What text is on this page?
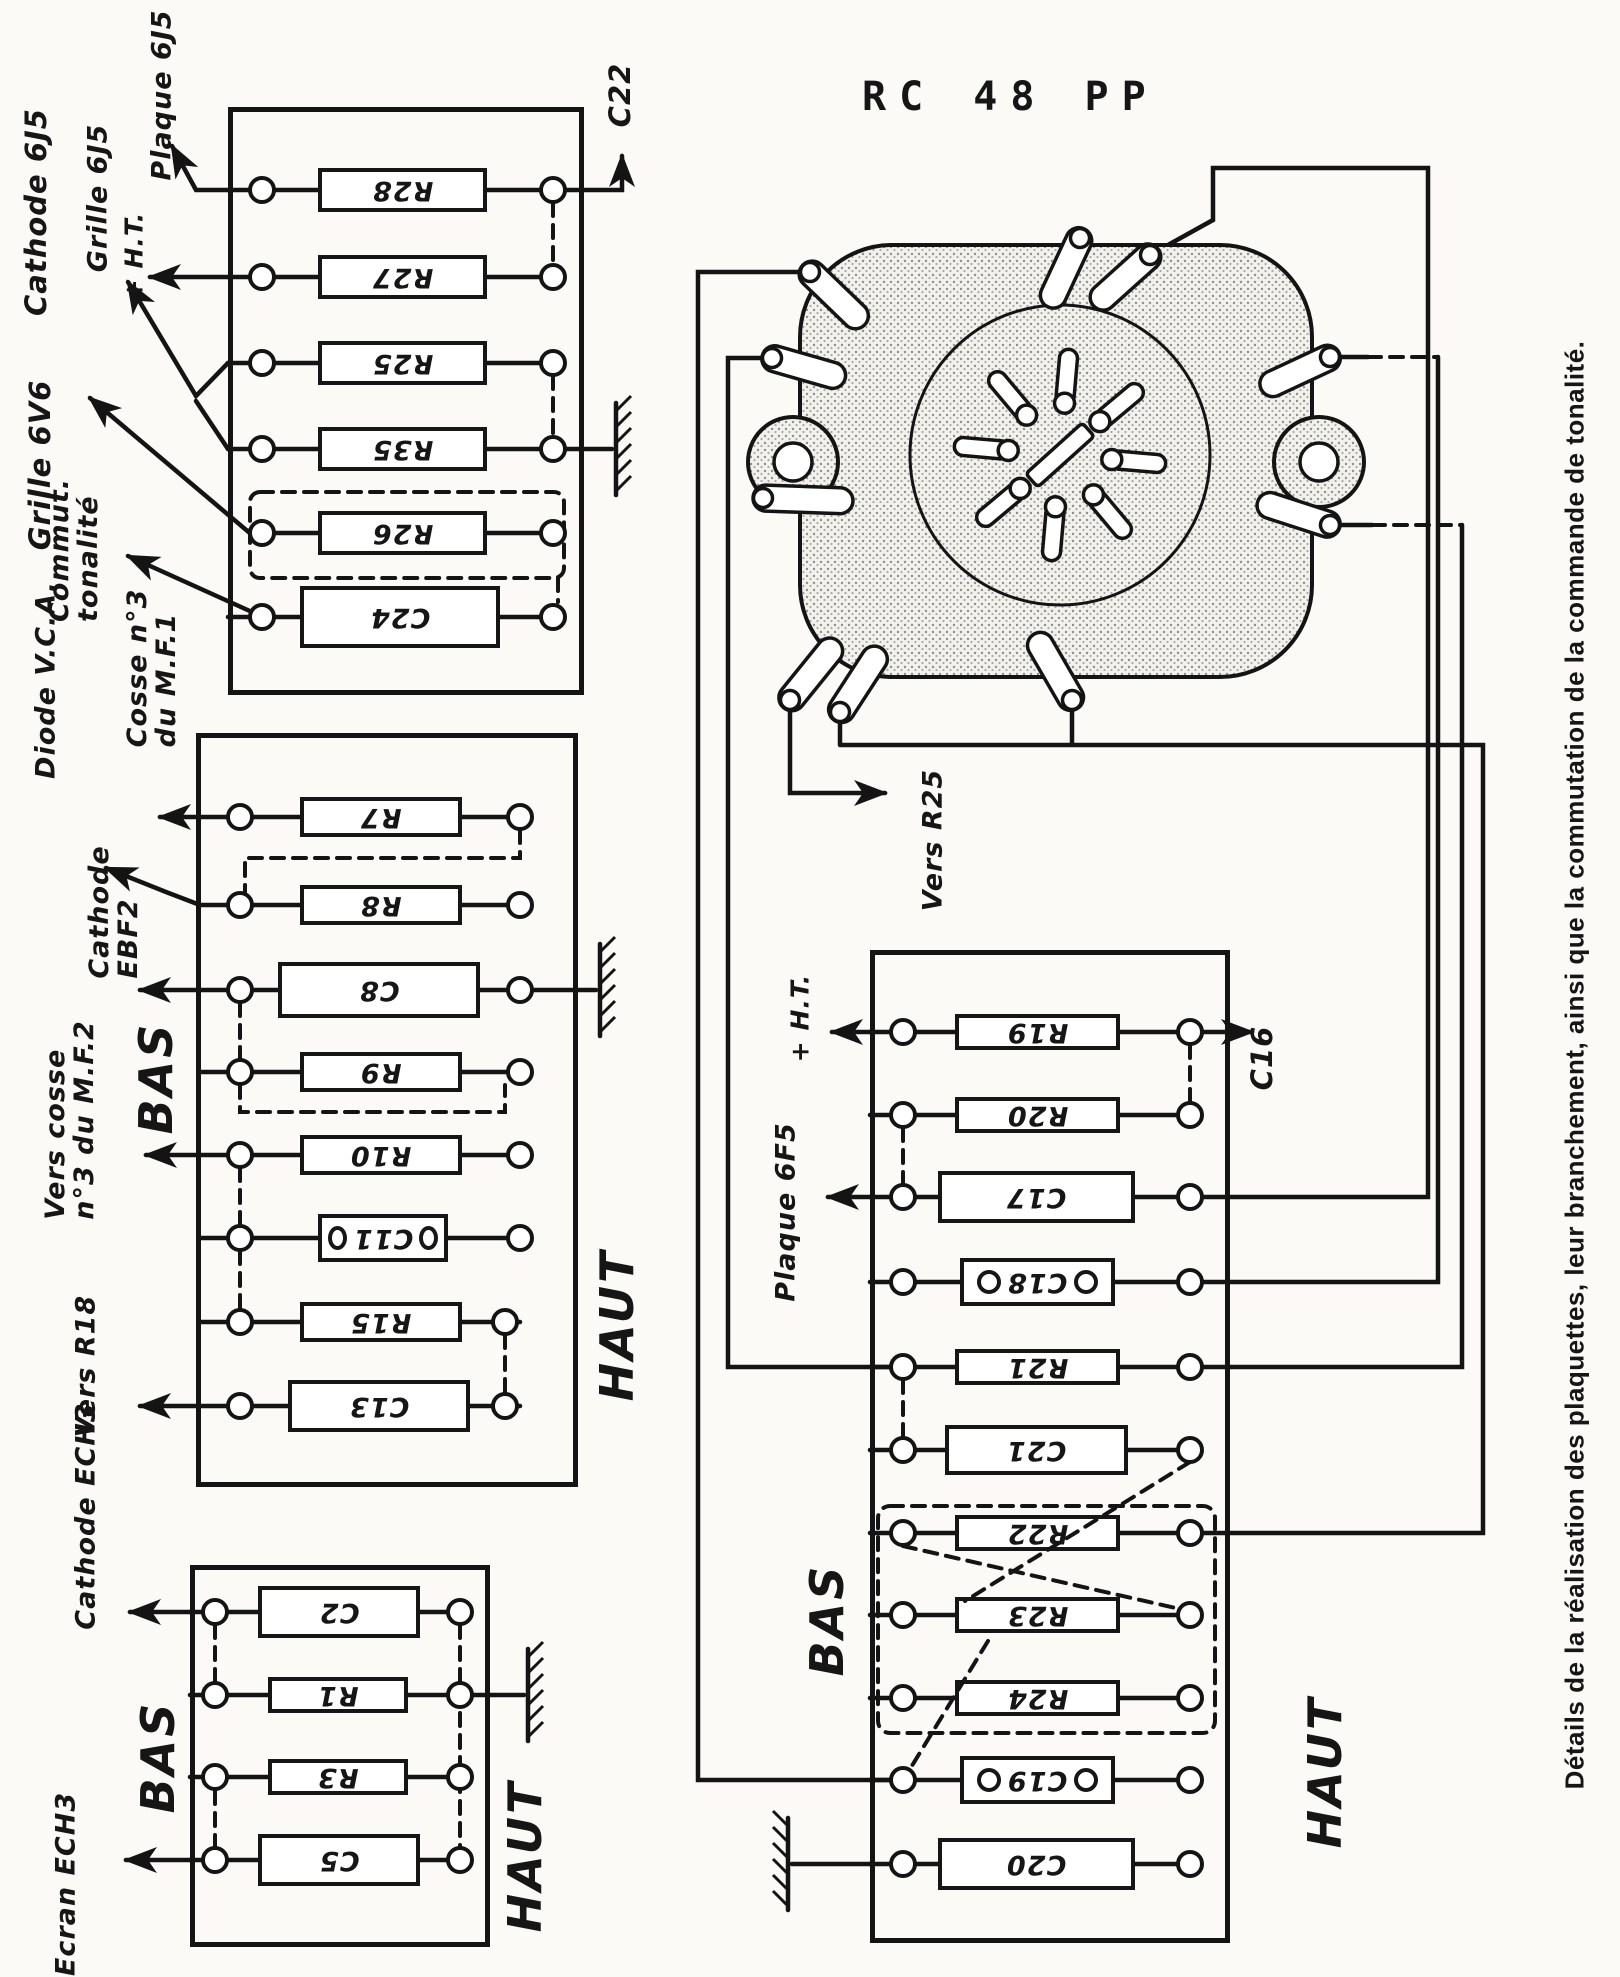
R28
R27
R25
R35
R26
C24
R7
R8
C8
R9
R10
C11
R15
C13
C2
R1
R3
C5
R19
R20
C17
C18
R21
C21
R22
R23
R24
C19
C20
RC 48 PP
Plaque 6J5
Cathode 6J5 Grille 6J5 + H.T.
Grille 6V6
Commut.
tonalité
C22
Cosse n°3
du M.F.1
Diode V.C.A.
Cathode
EBF2
Vers cosse
n°3 du M.F.2
Vers R18
BAS
HAUT
Cathode ECH3
Ecran ECH3
BAS
HAUT
+ H.T.
Plaque 6F5
C16
Vers R25
BAS
HAUT	Détails de la réalisation des plaquettes, leur branchement, ainsi que la commutation de la commande de tonalité.
